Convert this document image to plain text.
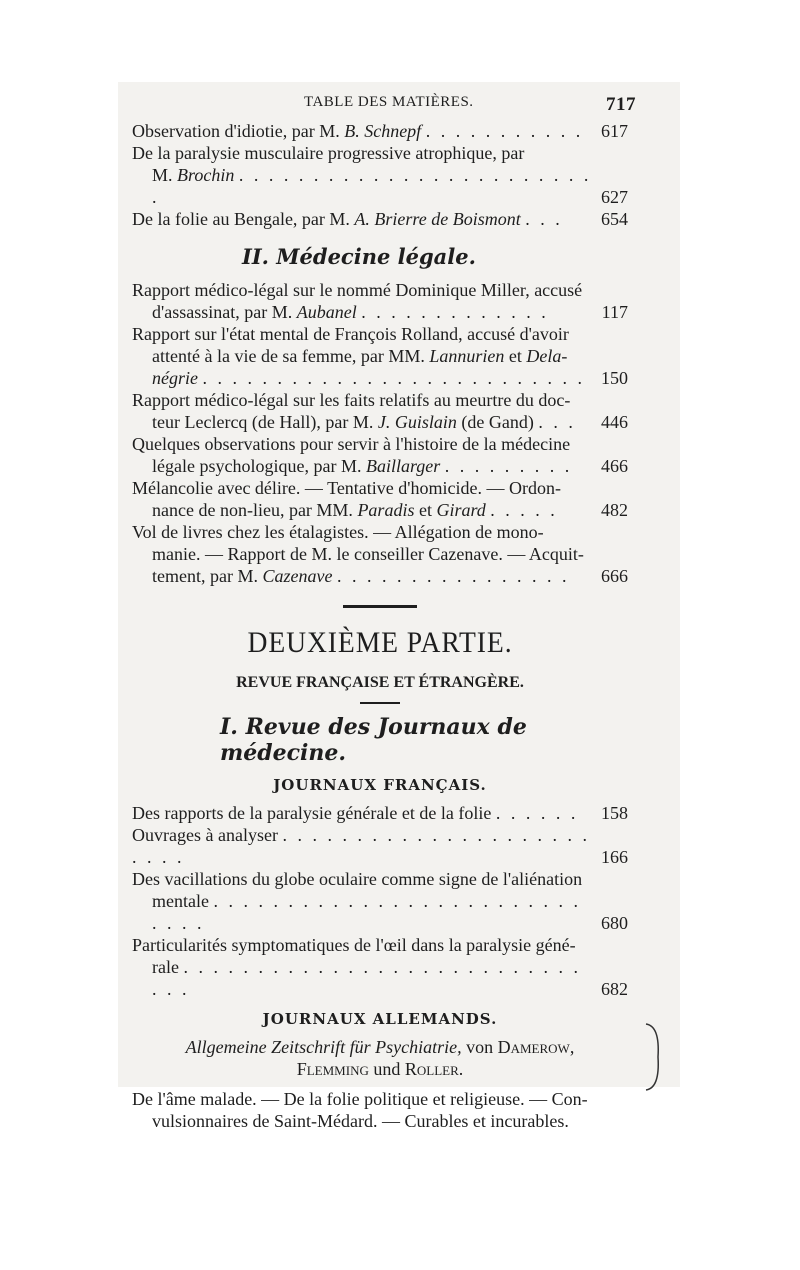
TABLE DES MATIÈRES.	717

Observation d'idiotie, par M. B. Schnepf . . . . . . . . . . . 617

De la paralysie musculaire progressive atrophique, par
M. Brochin . . . . . . . . . . . . . . . . . . . . . . . . .	627

De la folie au Bengale, par M. A. Brierre de Boismont . . . 654

II. Médecine légale.

Rapport médico-légal sur le nommé Dominique Miller, accusé
d'assassinat, par M. Aubanel . . . . . . . . . . . . .	117

Rapport sur l'état mental de François Rolland, accusé d'avoir
attenté à la vie de sa femme, par MM. Lannurien et Dela-
négrie . . . . . . . . . . . . . . . . . . . . . . . . . . 150

Rapport médico-légal sur les faits relatifs au meurtre du doc-
teur Leclercq (de Hall), par M. J. Guislain (de Gand) . . .	446

Quelques observations pour servir à l'histoire de la médecine
légale psychologique, par M. Baillarger . . . . . . . . .	466

Mélancolie avec délire. — Tentative d'homicide. — Ordon-
nance de non-lieu, par MM. Paradis et Girard . . . . .	482

Vol de livres chez les étalagistes. — Allégation de mono-
manie. — Rapport de M. le conseiller Cazenave. — Acquit-
tement, par M. Cazenave . . . . . . . . . . . . . . . .	666

DEUXIÈME PARTIE.
REVUE FRANÇAISE ET ÉTRANGÈRE.
I. Revue des Journaux de médecine.
JOURNAUX FRANÇAIS.

Des rapports de la paralysie générale et de la folie . . . . . . 158

Ouvrages à analyser . . . . . . . . . . . . . . . . . . . . . . . . .	166

Des vacillations du globe oculaire comme signe de l'aliénation
mentale . . . . . . . . . . . . . . . . . . . . . . . . . . . . .	680

Particularités symptomatiques de l'œil dans la paralysie géné-
rale . . . . . . . . . . . . . . . . . . . . . . . . . . . . . .	682

JOURNAUX ALLEMANDS.
Allgemeine Zeitschrift für Psychiatrie, von Damerow,
Flemming und Roller.

De l'âme malade. — De la folie politique et religieuse. — Con-
vulsionnaires de Saint-Médard. — Curables et incurables.
